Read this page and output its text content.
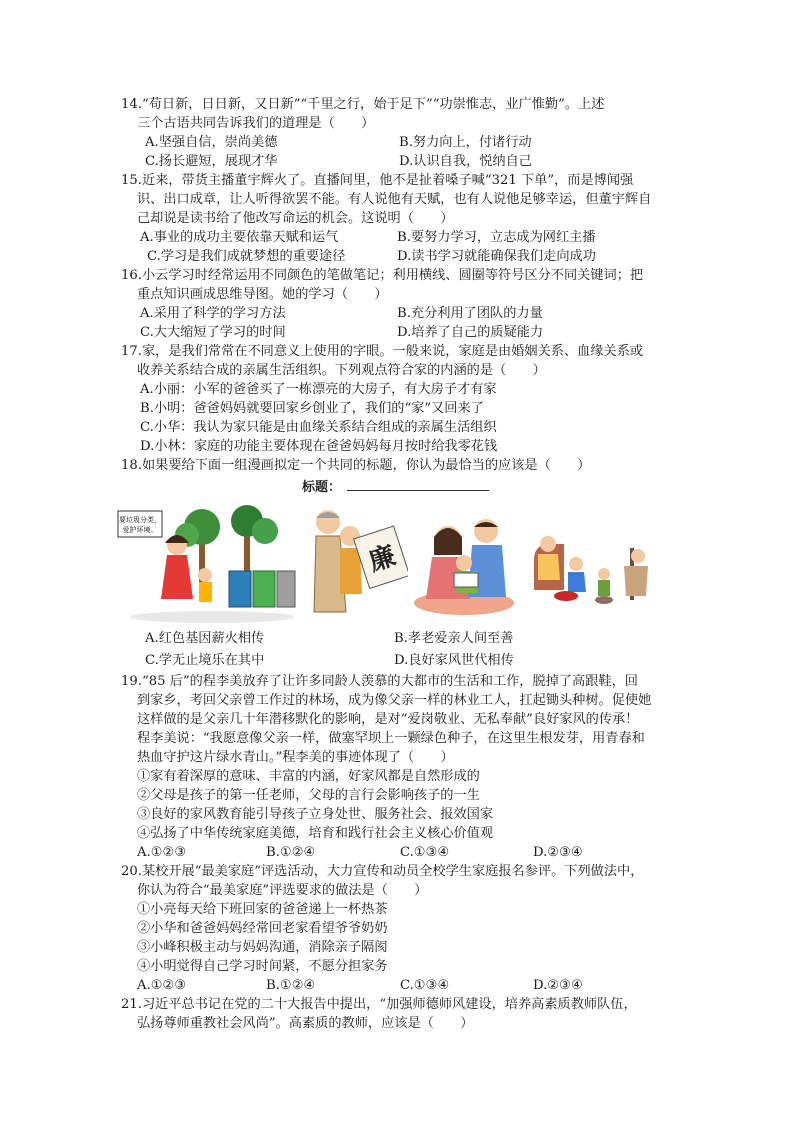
14.“苟日新，日日新，又日新”“千里之行，始于足下”“功崇惟志，业广惟勤”。上述
三个古语共同告诉我们的道理是（　　）
A.坚强自信，崇尚美德	B.努力向上，付诸行动
C.扬长避短，展现才华	D.认识自我，悦纳自己
15.近来，带货主播董宇辉火了。直播间里，他不是扯着嗓子喊“321 下单”，而是博闻强
识、出口成章，让人听得欲罢不能。有人说他有天赋，也有人说他足够幸运，但董宇辉自
己却说是读书给了他改写命运的机会。这说明（　　）
A.事业的成功主要依靠天赋和运气	B.要努力学习，立志成为网红主播
C.学习是我们成就梦想的重要途径	D.读书学习就能确保我们走向成功
16.小云学习时经常运用不同颜色的笔做笔记；利用横线、圆圈等符号区分不同关键词；把
重点知识画成思维导图。她的学习（　　）
A.采用了科学的学习方法	B.充分利用了团队的力量
C.大大缩短了学习的时间	D.培养了自己的质疑能力
17.家，是我们常常在不同意义上使用的字眼。一般来说，家庭是由婚姻关系、血缘关系或
收养关系结合成的亲属生活组织。下列观点符合家的内涵的是（　　）
A.小丽：小军的爸爸买了一栋漂亮的大房子，有大房子才有家
B.小明：爸爸妈妈就要回家乡创业了，我们的“家”又回来了
C.小华：我认为家只能是由血缘关系结合组成的亲属生活组织
D.小林：家庭的功能主要体现在爸爸妈妈每月按时给我零花钱
18.如果要给下面一组漫画拟定一个共同的标题，你认为最恰当的应该是（　　）
标题：
要垃圾分类，
爱护环境。
廉
A.红色基因薪火相传	B.孝老爱亲人间至善
C.学无止境乐在其中	D.良好家风世代相传
19.“85 后”的程李美放弃了让许多同龄人羡慕的大都市的生活和工作，脱掉了高跟鞋，回
到家乡，考回父亲曾工作过的林场，成为像父亲一样的林业工人，扛起锄头种树。促使她
这样做的是父亲几十年潜移默化的影响，是对“爱岗敬业、无私奉献”良好家风的传承！
程李美说：“我愿意像父亲一样，做塞罕坝上一颗绿色种子，在这里生根发芽，用青春和
热血守护这片绿水青山。”程李美的事迹体现了（　　）
①家有着深厚的意味、丰富的内涵，好家风都是自然形成的
②父母是孩子的第一任老师，父母的言行会影响孩子的一生
③良好的家风教育能引导孩子立身处世、服务社会、报效国家
④弘扬了中华传统家庭美德，培育和践行社会主义核心价值观
A.①②③	B.①②④	C.①③④	D.②③④
20.某校开展“最美家庭”评选活动，大力宣传和动员全校学生家庭报名参评。下列做法中，
你认为符合“最美家庭”评选要求的做法是（　　）
①小亮每天给下班回家的爸爸递上一杯热茶
②小华和爸爸妈妈经常回老家看望爷爷奶奶
③小峰积极主动与妈妈沟通，消除亲子隔阂
④小明觉得自己学习时间紧，不愿分担家务
A.①②③	B.①②④	C.①③④	D.②③④
21.习近平总书记在党的二十大报告中提出，“加强师德师风建设，培养高素质教师队伍，
弘扬尊师重教社会风尚”。高素质的教师，应该是（　　）
